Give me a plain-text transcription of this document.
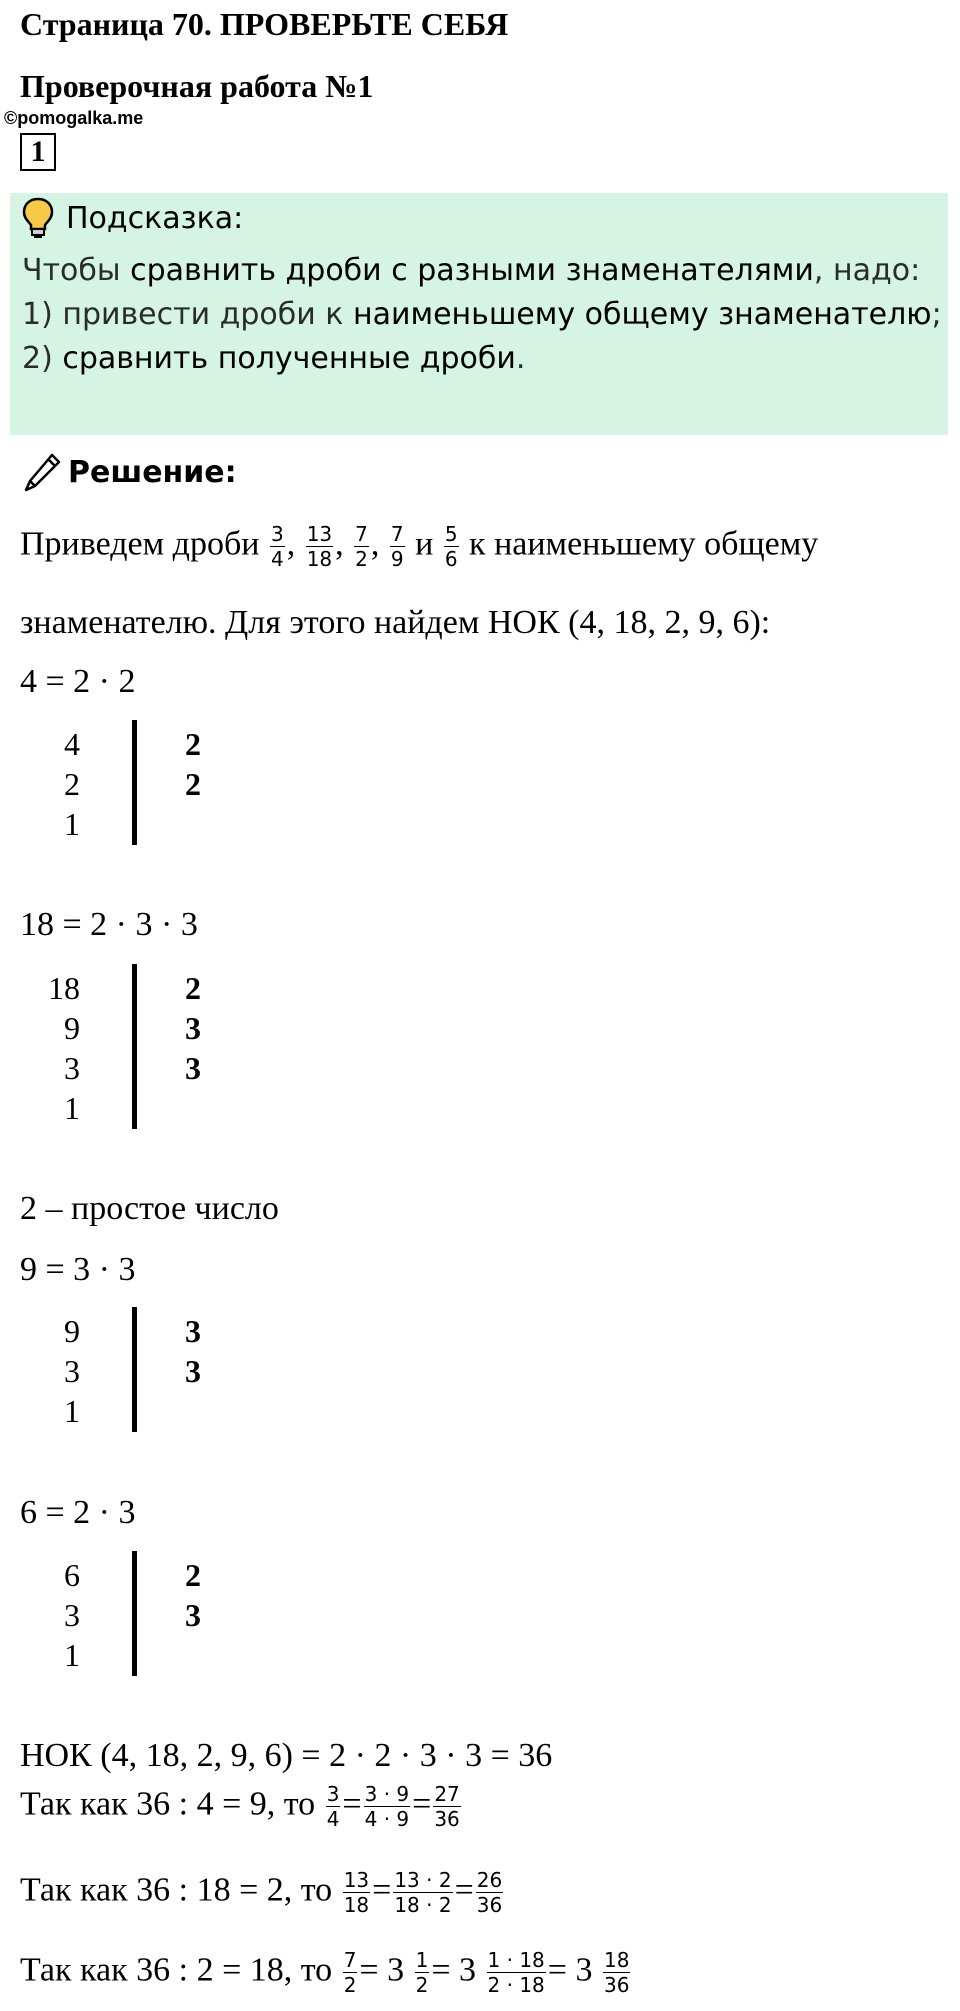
Страница 70. ПРОВЕРЬТЕ СЕБЯ
Проверочная работа №1
©pomogalka.me
1
Подсказка:
Чтобы сравнить дроби с разными знаменателями, надо:
1) привести дроби к наименьшему общему знаменателю;
2) сравнить полученные дроби.
Решение:
Приведем дроби $\frac{3}{4}$ , $\frac{13}{18}$ , $\frac{7}{2}$ , $\frac{7}{9}$ и $\frac{5}{6}$ к наименьшему общему
знаменателю. Для этого найдем НОК (4, 18, 2, 9, 6):
4 = 2 · 2
4
2
1
2
2
18 = 2 · 3 · 3
18
9
3
1
2
3
3
2 – простое число
9 = 3 · 3
9
3
1
3
3
6 = 2 · 3
6
3
1
2
3
НОК (4, 18, 2, 9, 6) = 2 · 2 · 3 · 3 = 36
Так как 36 : 4 = 9, то $\frac{3}{4} = \frac{3 \cdot 9}{4 \cdot 9} = \frac{27}{36}$
Так как 36 : 18 = 2, то $\frac{13}{18} = \frac{13 \cdot 2}{18 \cdot 2} = \frac{26}{36}$
Так как 36 : 2 = 18, то $\frac{7}{2} = 3 \frac{1}{2} = 3 \frac{1 \cdot 18}{2 \cdot 18} = 3 \frac{18}{36}$
